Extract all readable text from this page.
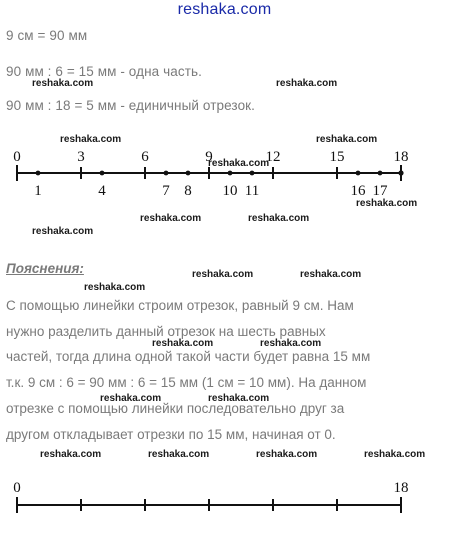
reshaka.com
9 см = 90 мм
90 мм : 6 = 15 мм - одна часть.
90 мм : 18 = 5 мм - единичный отрезок.
reshaka.com	reshaka.com
reshaka.com	reshaka.com
reshaka.com
reshaka.com
reshaka.com	reshaka.com
reshaka.com
reshaka.com	reshaka.com
reshaka.com
reshaka.com	reshaka.com
reshaka.com	reshaka.com
reshaka.com	reshaka.com	reshaka.com	reshaka.com
0	3	6	9	12	15	18
1	4	7 8 10 11	16 17
Пояснения:
С помощью линейки строим отрезок, равный 9 см. Нам
нужно разделить данный отрезок на шесть равных
частей, тогда длина одной такой части будет равна 15 мм
т.к. 9 см : 6 = 90 мм : 6 = 15 мм (1 см = 10 мм). На данном
отрезке с помощью линейки последовательно друг за
другом откладывает отрезки по 15 мм, начиная от 0.
0	18
